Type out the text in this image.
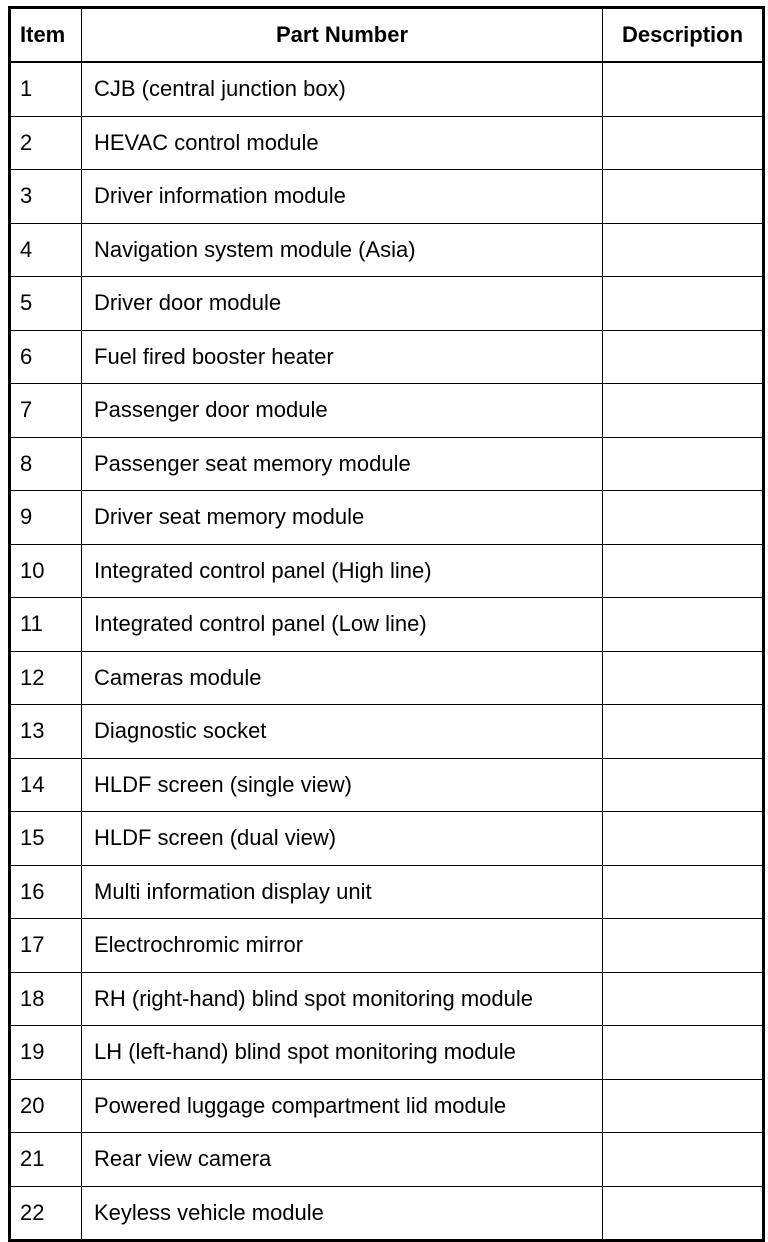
Item	Part Number	Description
1	CJB (central junction box)	
2	HEVAC control module	
3	Driver information module	
4	Navigation system module (Asia)	
5	Driver door module	
6	Fuel fired booster heater	
7	Passenger door module	
8	Passenger seat memory module	
9	Driver seat memory module	
10	Integrated control panel (High line)	
11	Integrated control panel (Low line)	
12	Cameras module	
13	Diagnostic socket	
14	HLDF screen (single view)	
15	HLDF screen (dual view)	
16	Multi information display unit	
17	Electrochromic mirror	
18	RH (right-hand) blind spot monitoring module	
19	LH (left-hand) blind spot monitoring module	
20	Powered luggage compartment lid module	
21	Rear view camera	
22	Keyless vehicle module	
